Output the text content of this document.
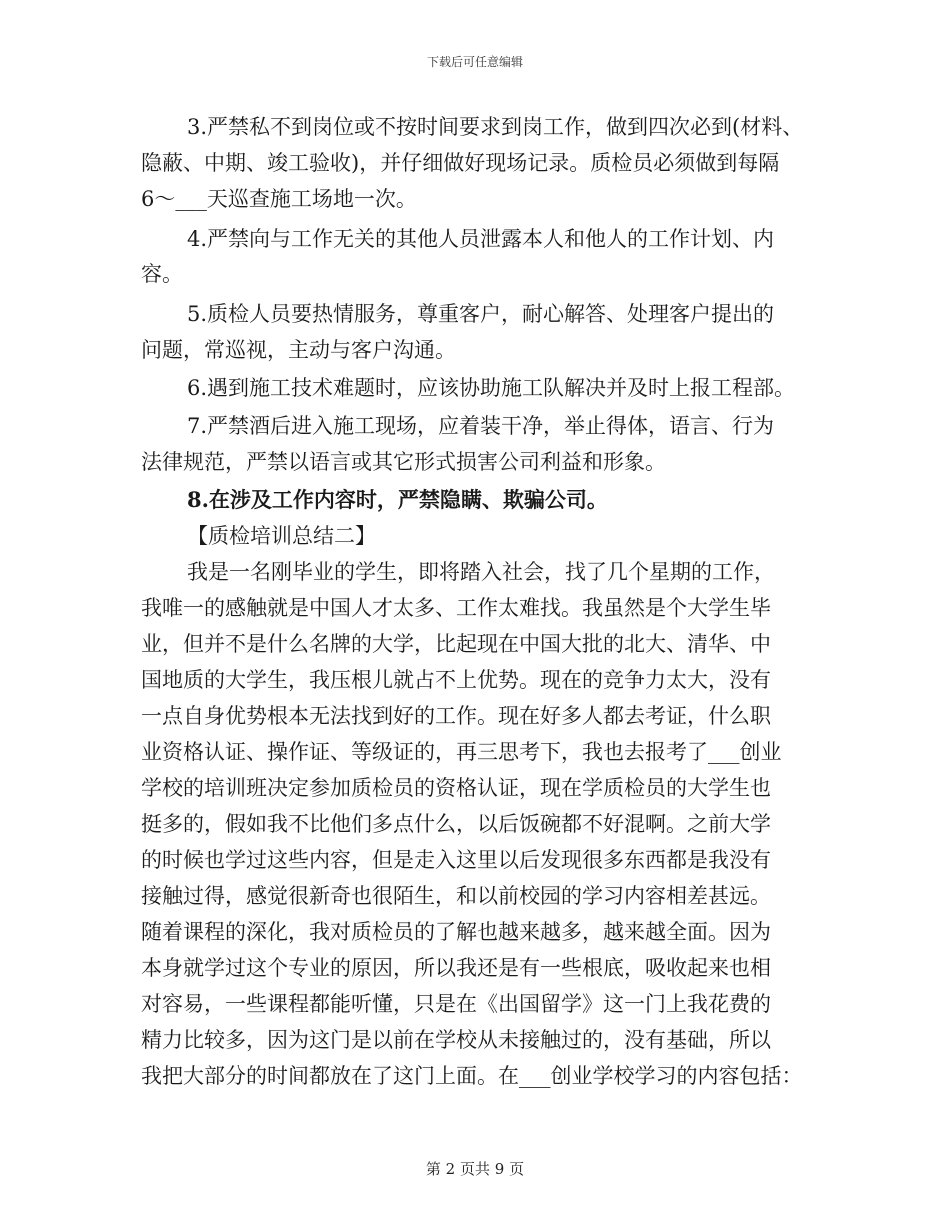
下载后可任意编辑
3.严禁私不到岗位或不按时间要求到岗工作，做到四次必到(材料、
隐蔽、中期、竣工验收)，并仔细做好现场记录。质检员必须做到每隔
6～___天巡查施工场地一次。
4.严禁向与工作无关的其他人员泄露本人和他人的工作计划、内
容。
5.质检人员要热情服务，尊重客户，耐心解答、处理客户提出的
问题，常巡视，主动与客户沟通。
6.遇到施工技术难题时，应该协助施工队解决并及时上报工程部。
7.严禁酒后进入施工现场，应着装干净，举止得体，语言、行为
法律规范，严禁以语言或其它形式损害公司利益和形象。
8.在涉及工作内容时，严禁隐瞒、欺骗公司。
【质检培训总结二】
我是一名刚毕业的学生，即将踏入社会，找了几个星期的工作，
我唯一的感触就是中国人才太多、工作太难找。我虽然是个大学生毕
业，但并不是什么名牌的大学，比起现在中国大批的北大、清华、中
国地质的大学生，我压根儿就占不上优势。现在的竞争力太大，没有
一点自身优势根本无法找到好的工作。现在好多人都去考证，什么职
业资格认证、操作证、等级证的，再三思考下，我也去报考了___创业
学校的培训班决定参加质检员的资格认证，现在学质检员的大学生也
挺多的，假如我不比他们多点什么，以后饭碗都不好混啊。之前大学
的时候也学过这些内容，但是走入这里以后发现很多东西都是我没有
接触过得，感觉很新奇也很陌生，和以前校园的学习内容相差甚远。
随着课程的深化，我对质检员的了解也越来越多，越来越全面。因为
本身就学过这个专业的原因，所以我还是有一些根底，吸收起来也相
对容易，一些课程都能听懂，只是在《出国留学》这一门上我花费的
精力比较多，因为这门是以前在学校从未接触过的，没有基础，所以
我把大部分的时间都放在了这门上面。在___创业学校学习的内容包括：
第 2 页共 9 页
